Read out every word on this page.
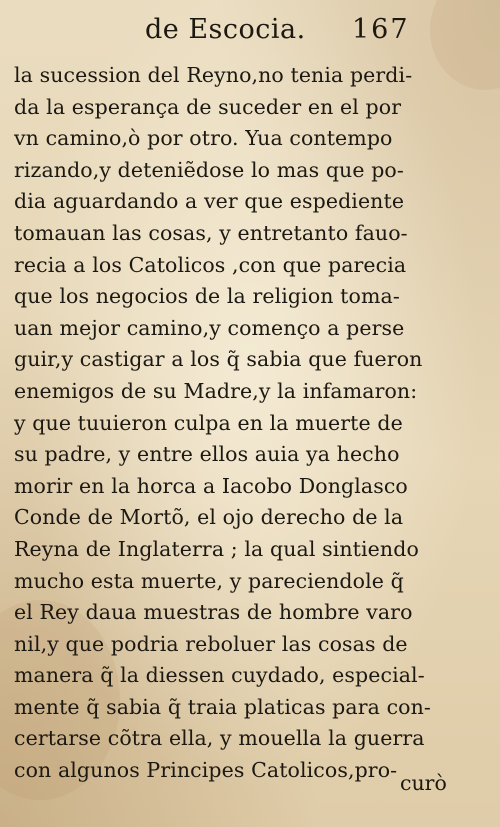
de Escocia. 167
la sucession del Reyno,no tenia perdi-
da la esperança de suceder en el por
vn camino,ò por otro. Yua contempo
rizando,y deteniẽdose lo mas que po-
dia aguardando a ver que espediente
tomauan las cosas, y entretanto fauo-
recia a los Catolicos ,con que parecia
que los negocios de la religion toma-
uan mejor camino,y començo a perse
guir,y castigar a los q̃ sabia que fueron
enemigos de su Madre,y la infamaron:
y que tuuieron culpa en la muerte de
su padre, y entre ellos auia ya hecho
morir en la horca a Iacobo Donglasco
Conde de Mortõ, el ojo derecho de la
Reyna de Inglaterra ; la qual sintiendo
mucho esta muerte, y pareciendole q̃
el Rey daua muestras de hombre varo
nil,y que podria reboluer las cosas de
manera q̃ la diessen cuydado, especial-
mente q̃ sabia q̃ traia platicas para con-
certarse cõtra ella, y mouella la guerra
con algunos Principes Catolicos,pro-
curò
